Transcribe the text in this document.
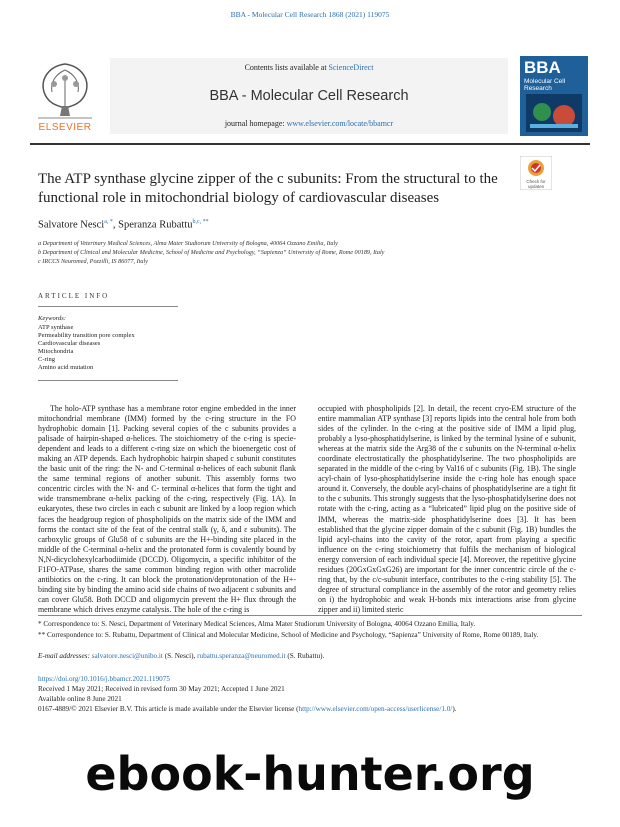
BBA - Molecular Cell Research 1868 (2021) 119075
Contents lists available at ScienceDirect
BBA - Molecular Cell Research
journal homepage: www.elsevier.com/locate/bbamcr
ELSEVIER
BBA
Molecular Cell Research
The ATP synthase glycine zipper of the c subunits: From the structural to the functional role in mitochondrial biology of cardiovascular diseases
Check for updates
Salvatore Nesci$^{a, *}$, Speranza Rubattu$^{b,c, **}$
a Department of Veterinary Medical Sciences, Alma Mater Studiorum University of Bologna, 40064 Ozzano Emilia, Italy
b Department of Clinical and Molecular Medicine, School of Medicine and Psychology, “Sapienza” University of Rome, Rome 00189, Italy
c IRCCS Neuromed, Pozzilli, IS 86077, Italy
ARTICLE INFO
Keywords:
ATP synthase
Permeability transition pore complex
Cardiovascular diseases
Mitochondria
C-ring
Amino acid mutation

The holo-ATP synthase has a membrane rotor engine embedded in the inner mitochondrial membrane (IMM) formed by the c-ring structure in the FO hydrophobic domain [1]. Packing several copies of the c subunits provides a palisade of hairpin-shaped α-helices. The stoichiometry of the c-ring is specie-dependent and leads to a different c-ring size on which the bioenergetic cost of making an ATP depends. Each hydrophobic hairpin shaped c subunit constitutes the basic unit of the ring: the N- and C-terminal α-helices of each subunit flank the same terminal regions of another subunit. This assembly forms two concentric circles with the N- and C- terminal α-helices that form the tight and wide transmembrane α-helix packing of the c-ring, respectively (Fig. 1A). In eukaryotes, these two circles in each c subunit are linked by a loop region which faces the headgroup region of phospholipids on the matrix side of the IMM and forms the contact site of the feat of the central stalk (γ, δ, and ε subunits). The carboxylic groups of Glu58 of c subunits are the H+-binding site placed in the middle of the C-terminal α-helix and the protonated form is covalently bound by N,N-dicyclohexylcarbodiimide (DCCD). Oligomycin, a specific inhibitor of the F1FO-ATPase, shares the same common binding region with other macrolide antibiotics on the c-ring. It can block the protonation/deprotonation of the H+-binding site by binding the amino acid side chains of two adjacent c subunits and can cover Glu58. Both DCCD and oligomycin prevent the H+ flux through the membrane which drives enzyme catalysis. The hole of the c-ring is

occupied with phospholipids [2]. In detail, the recent cryo-EM structure of the entire mammalian ATP synthase [3] reports lipids into the central hole from both sides of the cylinder. In the c-ring at the positive side of IMM a lipid plug, probably a lyso-phosphatidylserine, is linked by the terminal lysine of e subunit, whereas at the matrix side the Arg38 of the c subunits on the N-terminal α-helix coordinate electrostatically the phosphatidylserine. The two phospholipids are separated in the middle of the c-ring by Val16 of c subunits (Fig. 1B). The single acyl-chain of lyso-phosphatidylserine inside the c-ring hole has enough space around it. Conversely, the double acyl-chains of phosphatidylserine are a tight fit to the c subunits. This strongly suggests that the lyso-phosphatidylserine does not rotate with the c-ring, acting as a “lubricated” lipid plug on the positive side of IMM, whereas the matrix-side phosphatidylserine does [3]. It has been established that the glycine zipper domain of the c subunit (Fig. 1B) bundles the lipid acyl-chains into the cavity of the rotor, apart from playing a specific influence on the c-ring stoichiometry that fulfils the mechanism of biological energy conversion of each individual specie [4]. Moreover, the repetitive glycine residues (20GxGxGxG26) are important for the inner concentric circle of the c-ring that, by the c/c-subunit interface, contributes to the c-ring stability [5]. The degree of structural compliance in the assembly of the rotor and geometry relies on i) the hydrophobic and weak H-bonds mix interactions arise from glycine zipper and ii) limited steric

* Correspondence to: S. Nesci, Department of Veterinary Medical Sciences, Alma Mater Studiorum University of Bologna, 40064 Ozzano Emilia, Italy.

** Correspondence to: S. Rubattu, Department of Clinical and Molecular Medicine, School of Medicine and Psychology, “Sapienza” University of Rome, Rome 00189, Italy.

E-mail addresses: salvatore.nesci@unibo.it (S. Nesci), rubattu.speranza@neuromed.it (S. Rubattu).

https://doi.org/10.1016/j.bbamcr.2021.119075
Received 1 May 2021; Received in revised form 30 May 2021; Accepted 1 June 2021
Available online 8 June 2021
0167-4889/© 2021 Elsevier B.V. This article is made available under the Elsevier license (http://www.elsevier.com/open-access/userlicense/1.0/).
ebook-hunter.org
